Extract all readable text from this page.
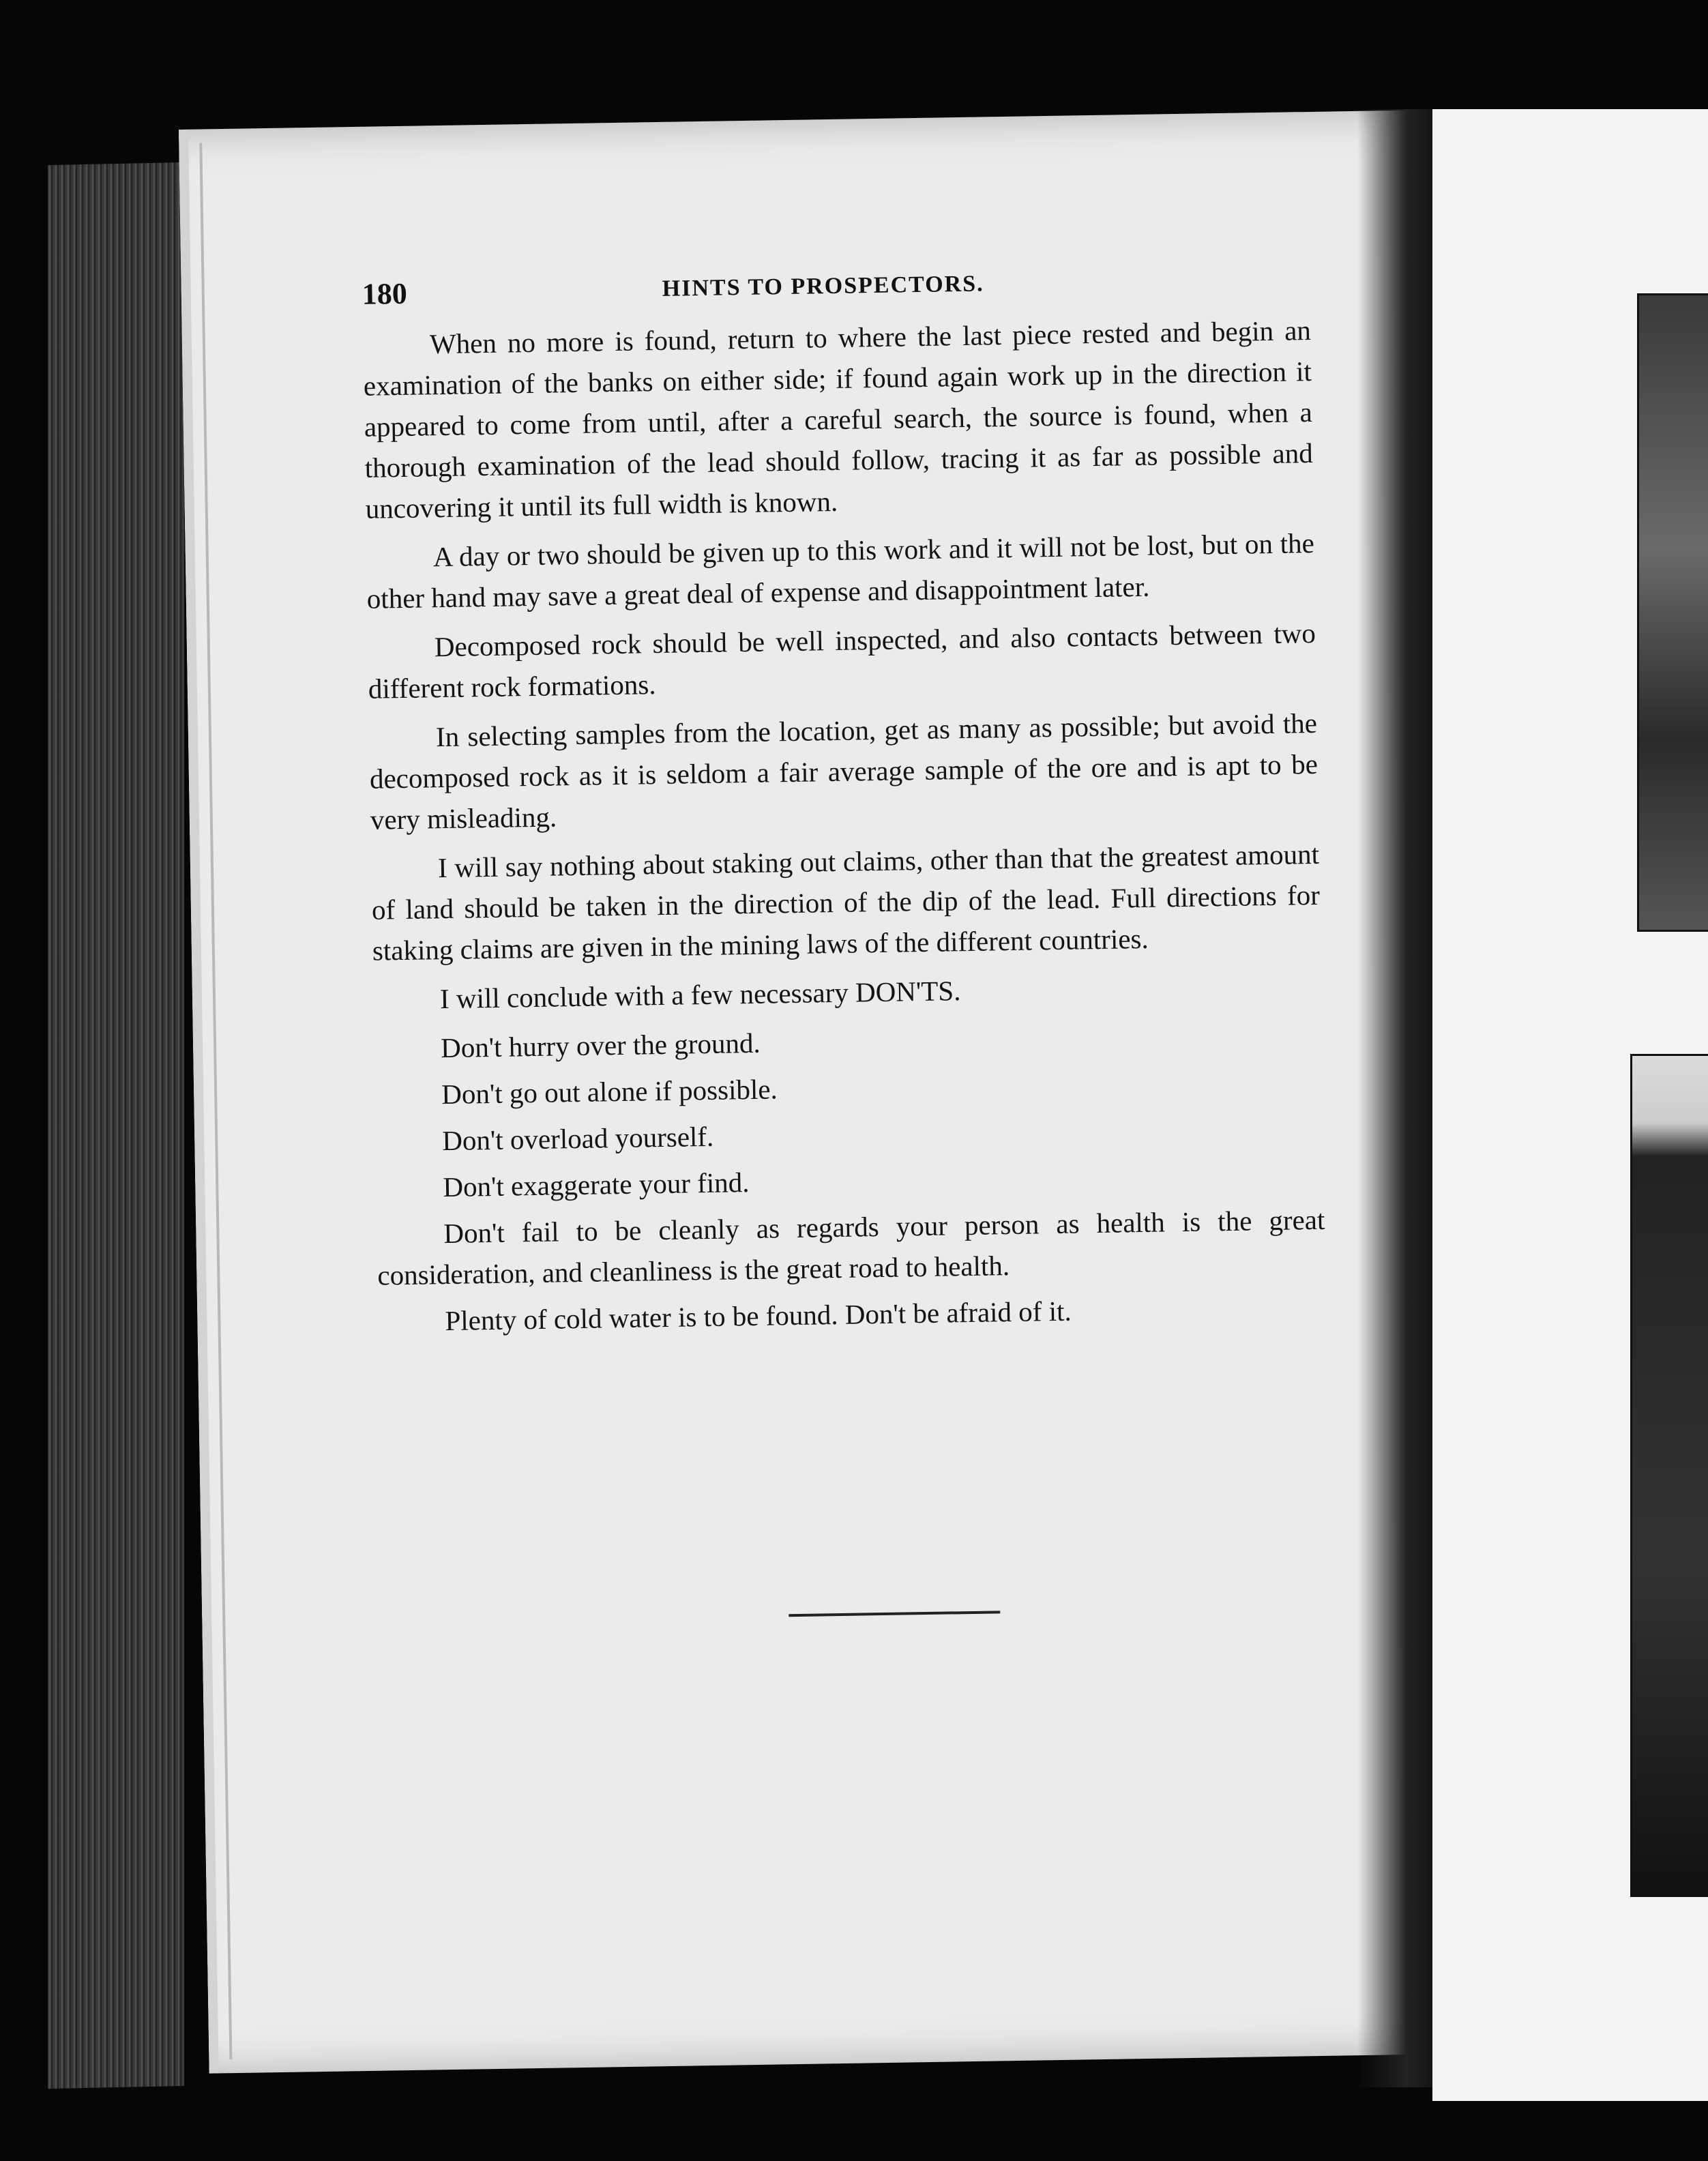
180	HINTS TO PROSPECTORS.

When no more is found, return to where the last piece rested and begin an examination of the banks on either side; if found again work up in the direction it appeared to come from until, after a careful search, the source is found, when a thorough examination of the lead should follow, tracing it as far as possible and uncovering it until its full width is known.

A day or two should be given up to this work and it will not be lost, but on the other hand may save a great deal of expense and disappointment later.

Decomposed rock should be well inspected, and also contacts between two different rock formations.

In selecting samples from the location, get as many as possible; but avoid the decomposed rock as it is seldom a fair average sample of the ore and is apt to be very misleading.

I will say nothing about staking out claims, other than that the greatest amount of land should be taken in the direction of the dip of the lead. Full directions for staking claims are given in the mining laws of the different countries.

I will conclude with a few necessary DON'TS.

Don't hurry over the ground.

Don't go out alone if possible.

Don't overload yourself.

Don't exaggerate your find.

Don't fail to be cleanly as regards your person as health is the great consideration, and cleanliness is the great road to health.

Plenty of cold water is to be found. Don't be afraid of it.
